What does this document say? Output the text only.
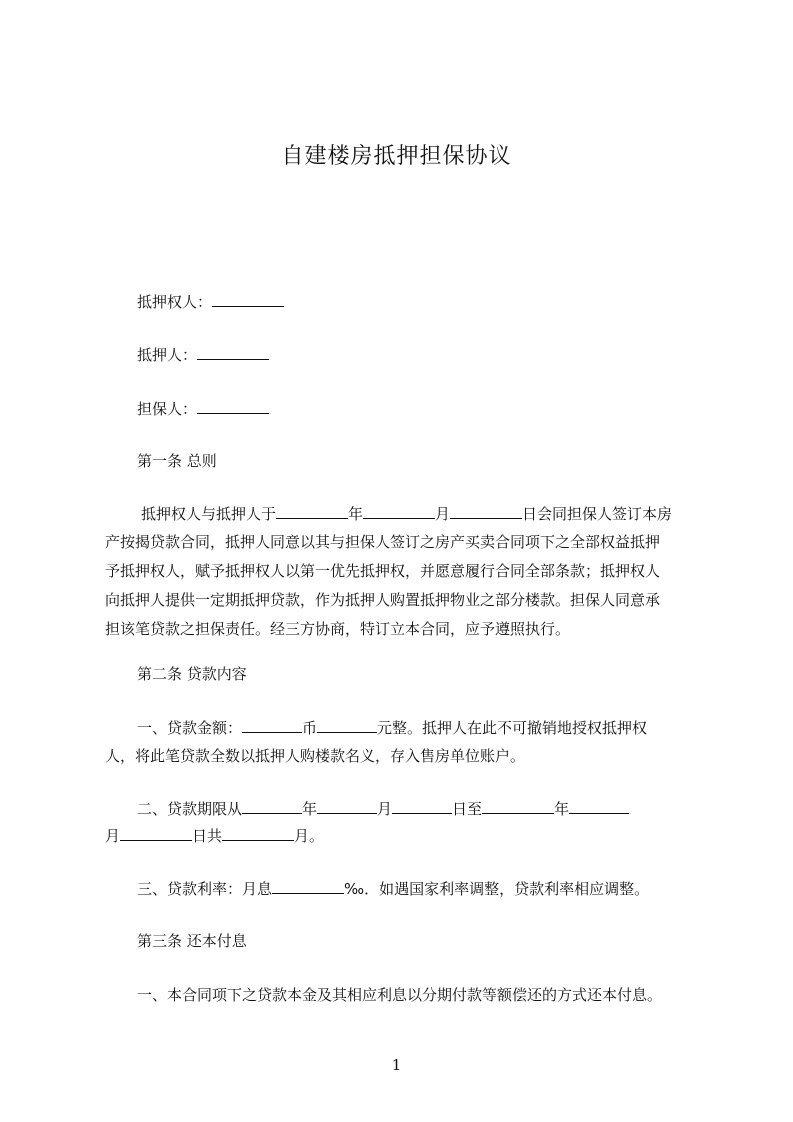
自建楼房抵押担保协议
抵押权人：
抵押人：
担保人：
第一条 总则
抵押权人与抵押人于	年	月	日会同担保人签订本房
产按揭贷款合同，抵押人同意以其与担保人签订之房产买卖合同项下之全部权益抵押
予抵押权人，赋予抵押权人以第一优先抵押权，并愿意履行合同全部条款；抵押权人
向抵押人提供一定期抵押贷款，作为抵押人购置抵押物业之部分楼款。担保人同意承
担该笔贷款之担保责任。经三方协商，特订立本合同，应予遵照执行。
第二条 贷款内容
一、贷款金额：	币	元整。抵押人在此不可撤销地授权抵押权
人，将此笔贷款全数以抵押人购楼款名义，存入售房单位账户。
二、贷款期限从	年	月	日至	年
月	日共	月。
三、贷款利率：月息	‰．如遇国家利率调整，贷款利率相应调整。
第三条 还本付息
一、本合同项下之贷款本金及其相应利息以分期付款等额偿还的方式还本付息。
1
